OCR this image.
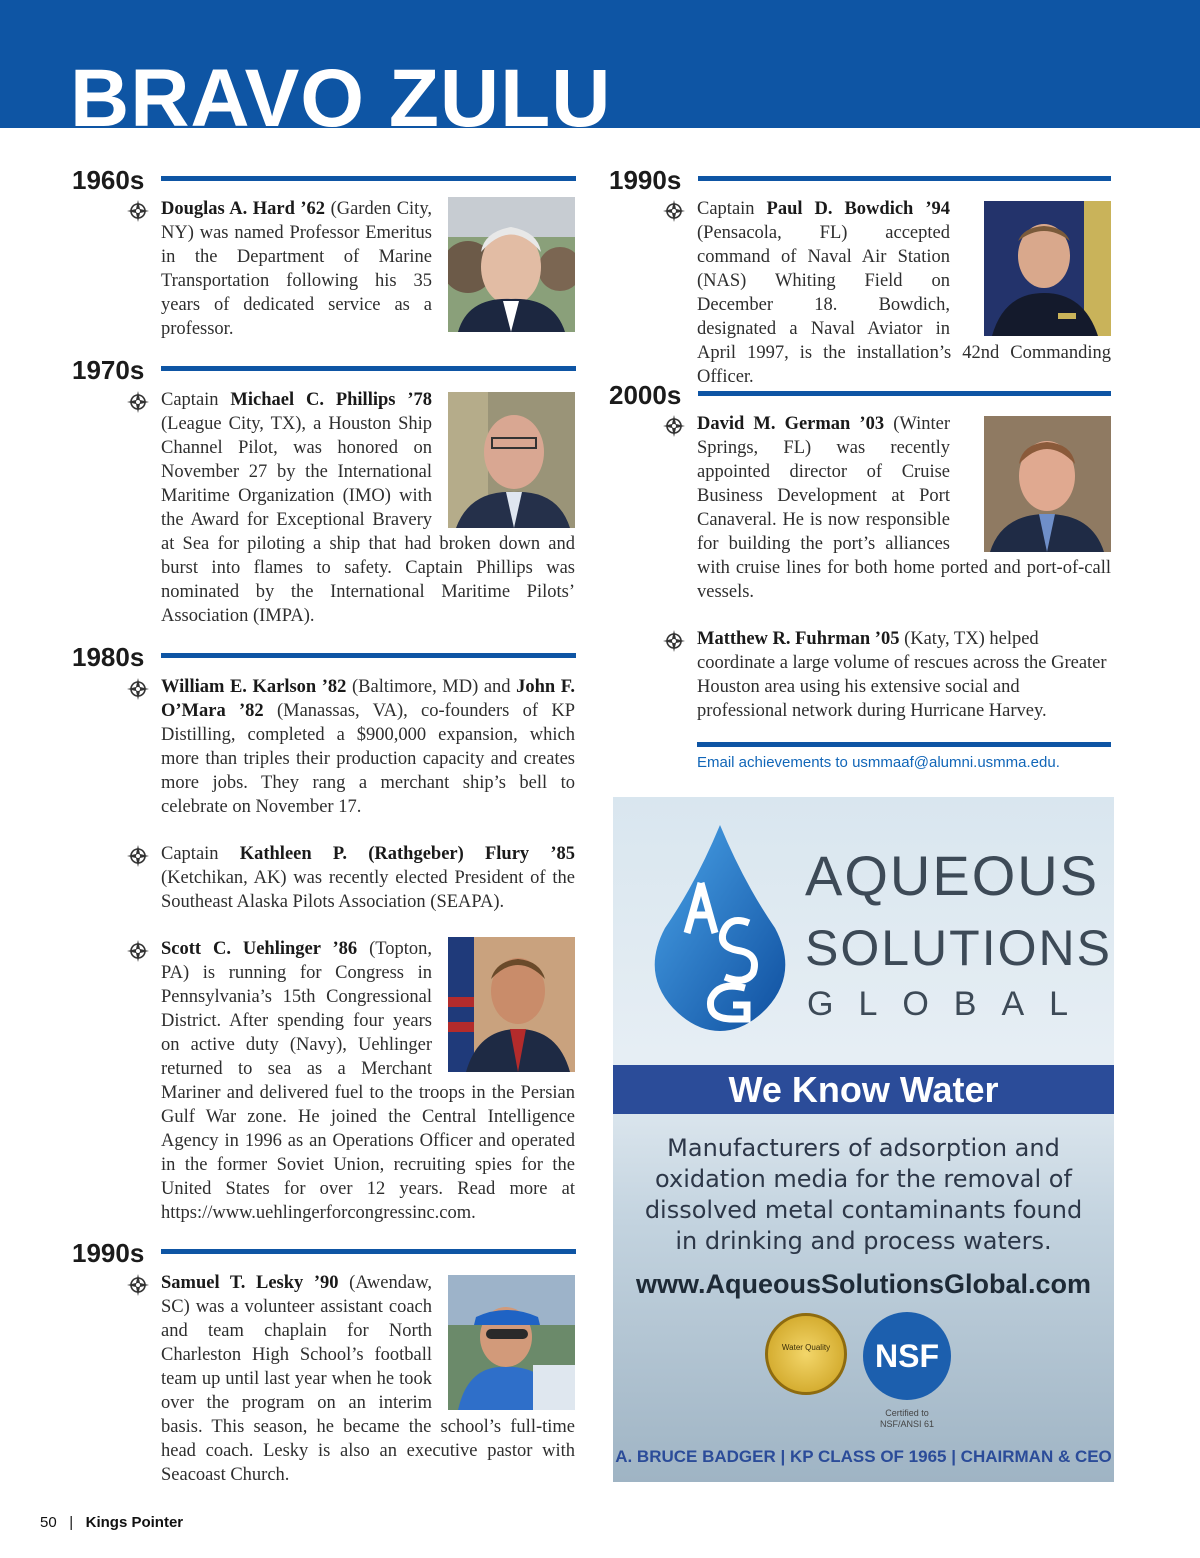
BRAVO ZULU
1960s

Douglas A. Hard ’62 (Garden City, NY) was named Professor Emeritus in the Department of Marine Transportation following his 35 years of dedicated service as a professor.

1970s

Captain Michael C. Phillips ’78 (League City, TX), a Houston Ship Channel Pilot, was honored on November 27 by the International Maritime Organization (IMO) with the Award for Exceptional Bravery at Sea for piloting a ship that had broken down and burst into flames to safety. Captain Phillips was nominated by the International Maritime Pilots’ Association (IMPA).

1980s

William E. Karlson ’82 (Baltimore, MD) and John F. O’Mara ’82 (Manassas, VA), co-founders of KP Distilling, completed a $900,000 expansion, which more than triples their production capacity and creates more jobs. They rang a merchant ship’s bell to celebrate on November 17.

Captain Kathleen P. (Rathgeber) Flury ’85 (Ketchikan, AK) was recently elected President of the Southeast Alaska Pilots Association (SEAPA).

Scott C. Uehlinger ’86 (Topton, PA) is running for Congress in Pennsylvania’s 15th Congressional District. After spending four years on active duty (Navy), Uehlinger returned to sea as a Merchant Mariner and delivered fuel to the troops in the Persian Gulf War zone. He joined the Central Intelligence Agency in 1996 as an Operations Officer and operated in the former Soviet Union, recruiting spies for the United States for over 12 years. Read more at https://www.uehlingerforcongressinc.com.

1990s

Samuel T. Lesky ’90 (Awendaw, SC) was a volunteer assistant coach and team chaplain for North Charleston High School’s football team up until last year when he took over the program on an interim basis. This season, he became the school’s full-time head coach. Lesky is also an executive pastor with Seacoast Church.

1990s

Captain Paul D. Bowdich ’94 (Pensacola, FL) accepted command of Naval Air Station (NAS) Whiting Field on December 18. Bowdich, designated a Naval Aviator in April 1997, is the installation’s 42nd Commanding Officer.

2000s

David M. German ’03 (Winter Springs, FL) was recently appointed director of Cruise Business Development at Port Canaveral. He is now responsible for building the port’s alliances with cruise lines for both home ported and port-of-call vessels.

Matthew R. Fuhrman ’05 (Katy, TX) helped coordinate a large volume of rescues across the Greater Houston area using his extensive social and professional network during Hurricane Harvey.

Email achievements to usmmaaf@alumni.usmma.edu.
AQUEOUS
SOLUTIONS
GLOBAL
We Know Water
Manufacturers of adsorption and oxidation media for the removal of dissolved metal contaminants found in drinking and process waters.
www.AqueousSolutionsGlobal.com
Water Quality	NSF
Certified to NSF/ANSI 61
A. BRUCE BADGER | KP CLASS OF 1965 | CHAIRMAN & CEO
50 | Kings Pointer
